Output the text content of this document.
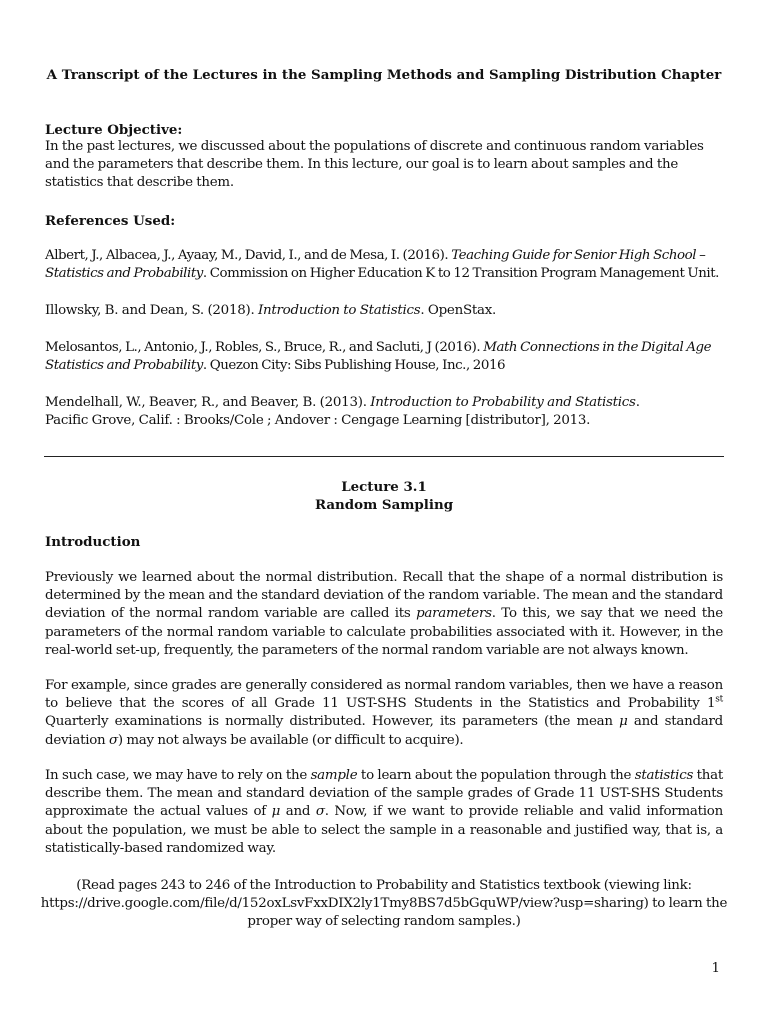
A Transcript of the Lectures in the Sampling Methods and Sampling Distribution Chapter

Lecture Objective:

In the past lectures, we discussed about the populations of discrete and continuous random variables and the parameters that describe them. In this lecture, our goal is to learn about samples and the statistics that describe them.

References Used:

Albert, J., Albacea, J., Ayaay, M., David, I., and de Mesa, I. (2016). Teaching Guide for Senior High School – Statistics and Probability. Commission on Higher Education K to 12 Transition Program Management Unit.

Illowsky, B. and Dean, S. (2018). Introduction to Statistics. OpenStax.

Melosantos, L., Antonio, J., Robles, S., Bruce, R., and Sacluti, J (2016). Math Connections in the Digital Age Statistics and Probability. Quezon City: Sibs Publishing House, Inc., 2016

Mendelhall, W., Beaver, R., and Beaver, B. (2013). Introduction to Probability and Statistics.
Pacific Grove, Calif. : Brooks/Cole ; Andover : Cengage Learning [distributor], 2013.

Lecture 3.1

Random Sampling

Introduction

Previously we learned about the normal distribution. Recall that the shape of a normal distribution is determined by the mean and the standard deviation of the random variable. The mean and the standard deviation of the normal random variable are called its parameters. To this, we say that we need the parameters of the normal random variable to calculate probabilities associated with it. However, in the real-world set-up, frequently, the parameters of the normal random variable are not always known.

For example, since grades are generally considered as normal random variables, then we have a reason to believe that the scores of all Grade 11 UST-SHS Students in the Statistics and Probability 1st Quarterly examinations is normally distributed. However, its parameters (the mean μ and standard deviation σ) may not always be available (or difficult to acquire).

In such case, we may have to rely on the sample to learn about the population through the statistics that describe them. The mean and standard deviation of the sample grades of Grade 11 UST-SHS Students approximate the actual values of μ and σ. Now, if we want to provide reliable and valid information about the population, we must be able to select the sample in a reasonable and justified way, that is, a statistically-based randomized way.

(Read pages 243 to 246 of the Introduction to Probability and Statistics textbook (viewing link: https://drive.google.com/file/d/152oxLsvFxxDIX2ly1Tmy8BS7d5bGquWP/view?usp=sharing) to learn the proper way of selecting random samples.)

1
